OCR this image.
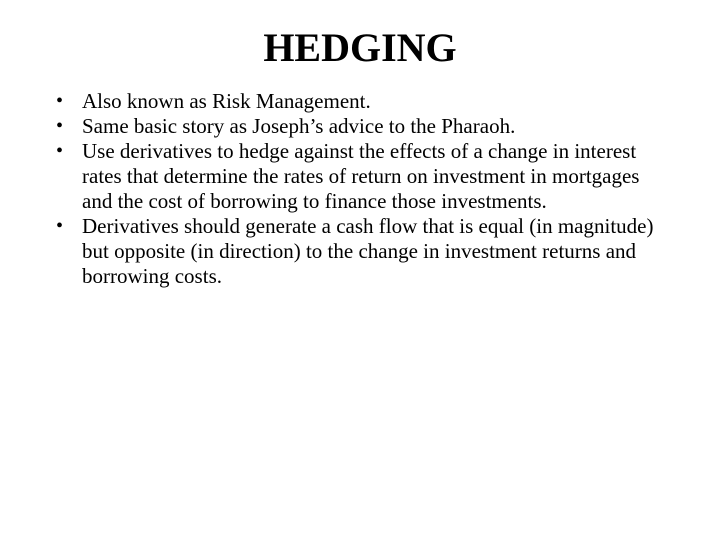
HEDGING
• Also known as Risk Management.
• Same basic story as Joseph’s advice to the Pharaoh.
• Use derivatives to hedge against the effects of a change in interest rates that determine the rates of return on investment in mortgages and the cost of borrowing to finance those investments.
• Derivatives should generate a cash flow that is equal (in magnitude) but opposite (in direction) to the change in investment returns and borrowing costs.
